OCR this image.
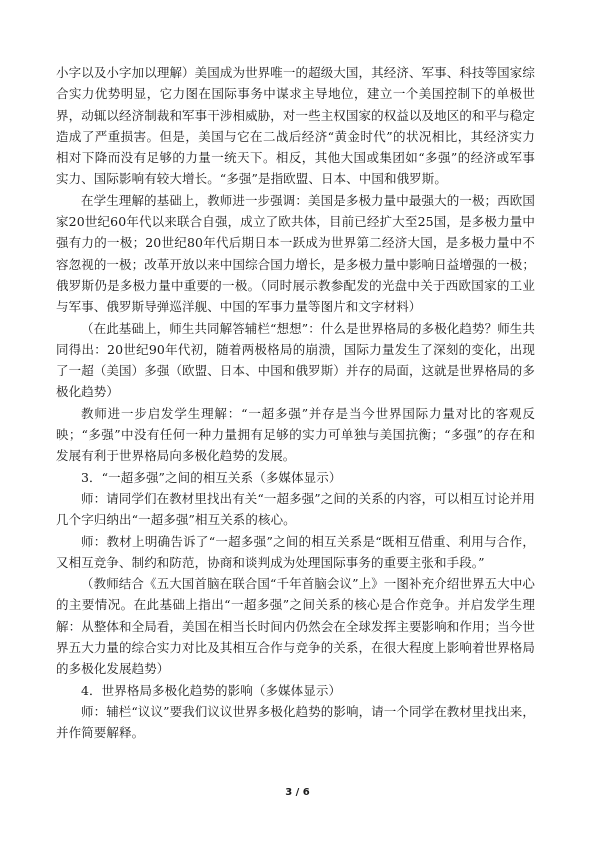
小字以及小字加以理解）美国成为世界唯一的超级大国，其经济、军事、科技等国家综合实力优势明显，它力图在国际事务中谋求主导地位，建立一个美国控制下的单极世界，动辄以经济制裁和军事干涉相威胁，对一些主权国家的权益以及地区的和平与稳定造成了严重损害。但是，美国与它在二战后经济“黄金时代”的状况相比，其经济实力相对下降而没有足够的力量一统天下。相反，其他大国或集团如“多强”的经济或军事实力、国际影响有较大增长。“多强”是指欧盟、日本、中国和俄罗斯。

在学生理解的基础上，教师进一步强调：美国是多极力量中最强大的一极；西欧国家20世纪60年代以来联合自强，成立了欧共体，目前已经扩大至25国，是多极力量中强有力的一极；20世纪80年代后期日本一跃成为世界第二经济大国，是多极力量中不容忽视的一极；改革开放以来中国综合国力增长，是多极力量中影响日益增强的一极；俄罗斯仍是多极力量中重要的一极。（同时展示教参配发的光盘中关于西欧国家的工业与军事、俄罗斯导弹巡洋舰、中国的军事力量等图片和文字材料）

（在此基础上，师生共同解答辅栏“想想”：什么是世界格局的多极化趋势？师生共同得出：20世纪90年代初，随着两极格局的崩溃，国际力量发生了深刻的变化，出现了一超（美国）多强（欧盟、日本、中国和俄罗斯）并存的局面，这就是世界格局的多极化趋势）

教师进一步启发学生理解：“一超多强”并存是当今世界国际力量对比的客观反映；“多强”中没有任何一种力量拥有足够的实力可单独与美国抗衡；“多强”的存在和发展有利于世界格局向多极化趋势的发展。

3．“一超多强”之间的相互关系（多媒体显示）

师：请同学们在教材里找出有关“一超多强”之间的关系的内容，可以相互讨论并用几个字归纳出“一超多强”相互关系的核心。

师：教材上明确告诉了“一超多强”之间的相互关系是“既相互借重、利用与合作，又相互竞争、制约和防范，协商和谈判成为处理国际事务的重要主张和手段。”

（教师结合《五大国首脑在联合国“千年首脑会议”上》一图补充介绍世界五大中心的主要情况。在此基础上指出“一超多强”之间关系的核心是合作竞争。并启发学生理解：从整体和全局看，美国在相当长时间内仍然会在全球发挥主要影响和作用；当今世界五大力量的综合实力对比及其相互合作与竞争的关系，在很大程度上影响着世界格局的多极化发展趋势）

4．世界格局多极化趋势的影响（多媒体显示）

师：辅栏“议议”要我们议议世界多极化趋势的影响，请一个同学在教材里找出来，并作简要解释。

3 / 6
